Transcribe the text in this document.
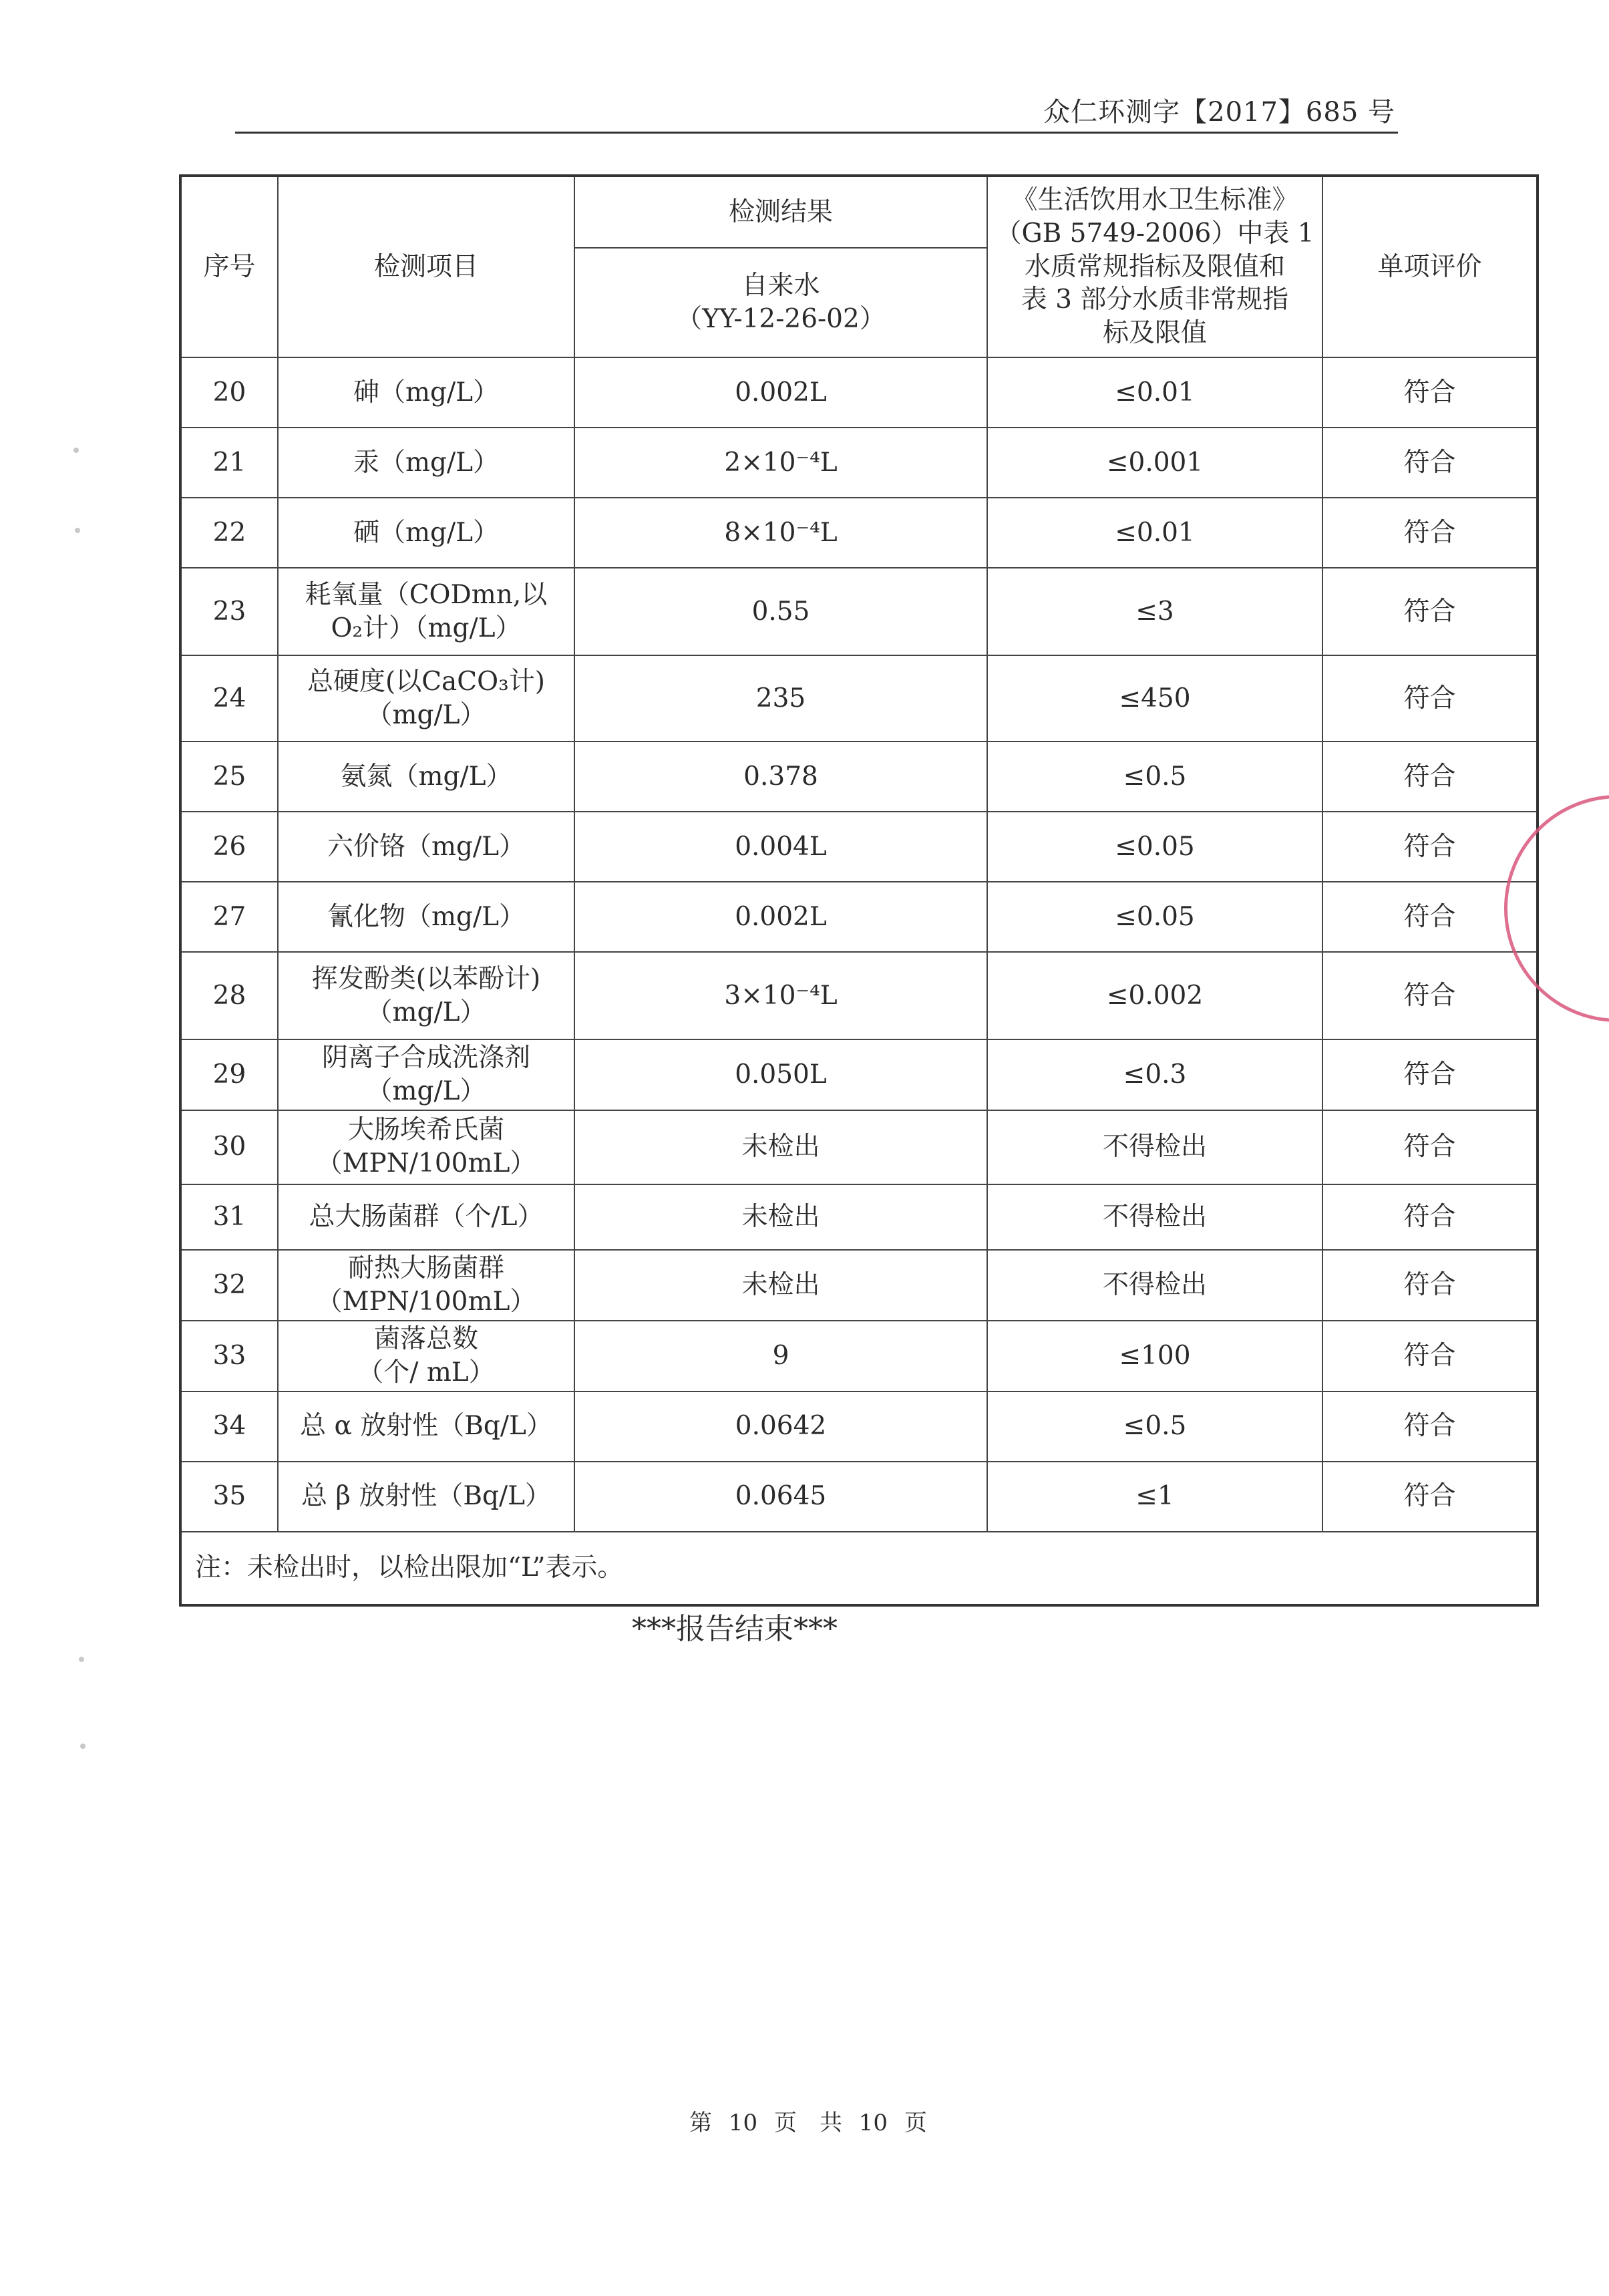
众仁环测字【2017】685 号
序号	检测项目	检测结果	《生活饮用水卫生标准》
（GB 5749-2006）中表 1
水质常规指标及限值和
表 3 部分水质非常规指
标及限值	单项评价
		自来水
（YY-12-26-02）		
20	砷（mg/L）	0.002L	≤0.01	符合
21	汞（mg/L）	2×10⁻⁴L	≤0.001	符合
22	硒（mg/L）	8×10⁻⁴L	≤0.01	符合
23	耗氧量（CODmn,以
O₂计）（mg/L）	0.55	≤3	符合
24	总硬度(以CaCO₃计)
（mg/L）	235	≤450	符合
25	氨氮（mg/L）	0.378	≤0.5	符合
26	六价铬（mg/L）	0.004L	≤0.05	符合
27	氰化物（mg/L）	0.002L	≤0.05	符合
28	挥发酚类(以苯酚计)
（mg/L）	3×10⁻⁴L	≤0.002	符合
29	阴离子合成洗涤剂
（mg/L）	0.050L	≤0.3	符合
30	大肠埃希氏菌
（MPN/100mL）	未检出	不得检出	符合
31	总大肠菌群（个/L）	未检出	不得检出	符合
32	耐热大肠菌群
（MPN/100mL）	未检出	不得检出	符合
33	菌落总数
（个/ mL）	9	≤100	符合
34	总 α 放射性（Bq/L）	0.0642	≤0.5	符合
35	总 β 放射性（Bq/L）	0.0645	≤1	符合
注：未检出时，以检出限加“L”表示。				
***报告结束***
第 10 页　共 10 页
